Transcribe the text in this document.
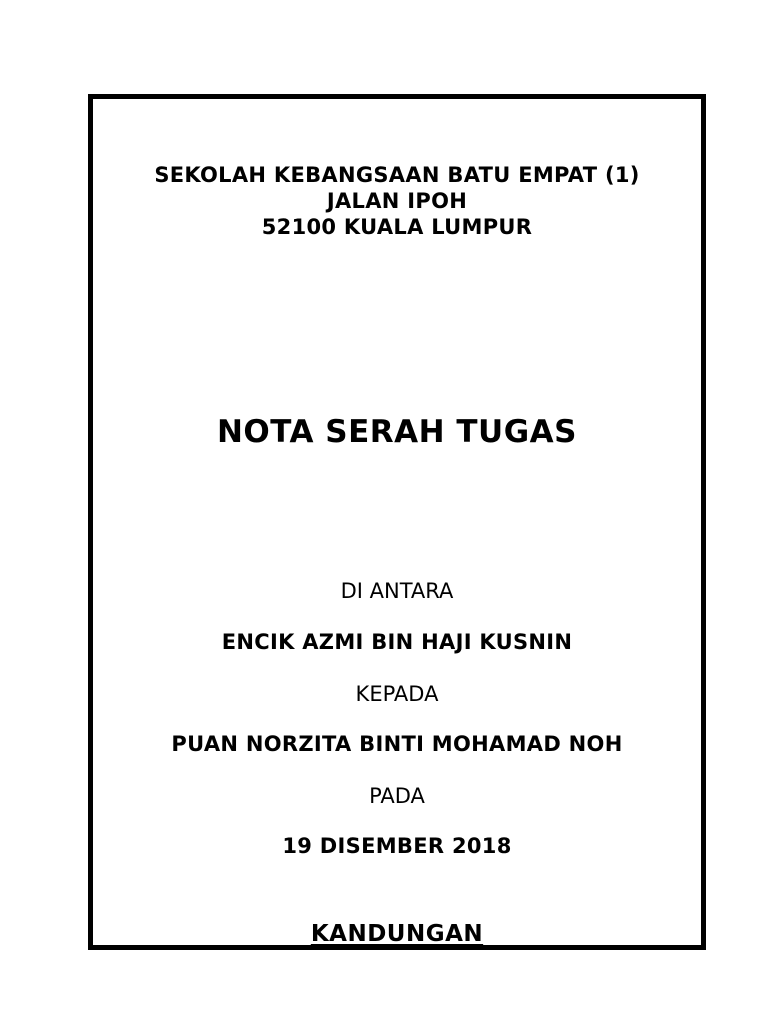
SEKOLAH KEBANGSAAN BATU EMPAT (1)
JALAN IPOH
52100 KUALA LUMPUR
NOTA SERAH TUGAS
DI ANTARA
ENCIK AZMI BIN HAJI KUSNIN
KEPADA
PUAN NORZITA BINTI MOHAMAD NOH
PADA
19 DISEMBER 2018
KANDUNGAN
